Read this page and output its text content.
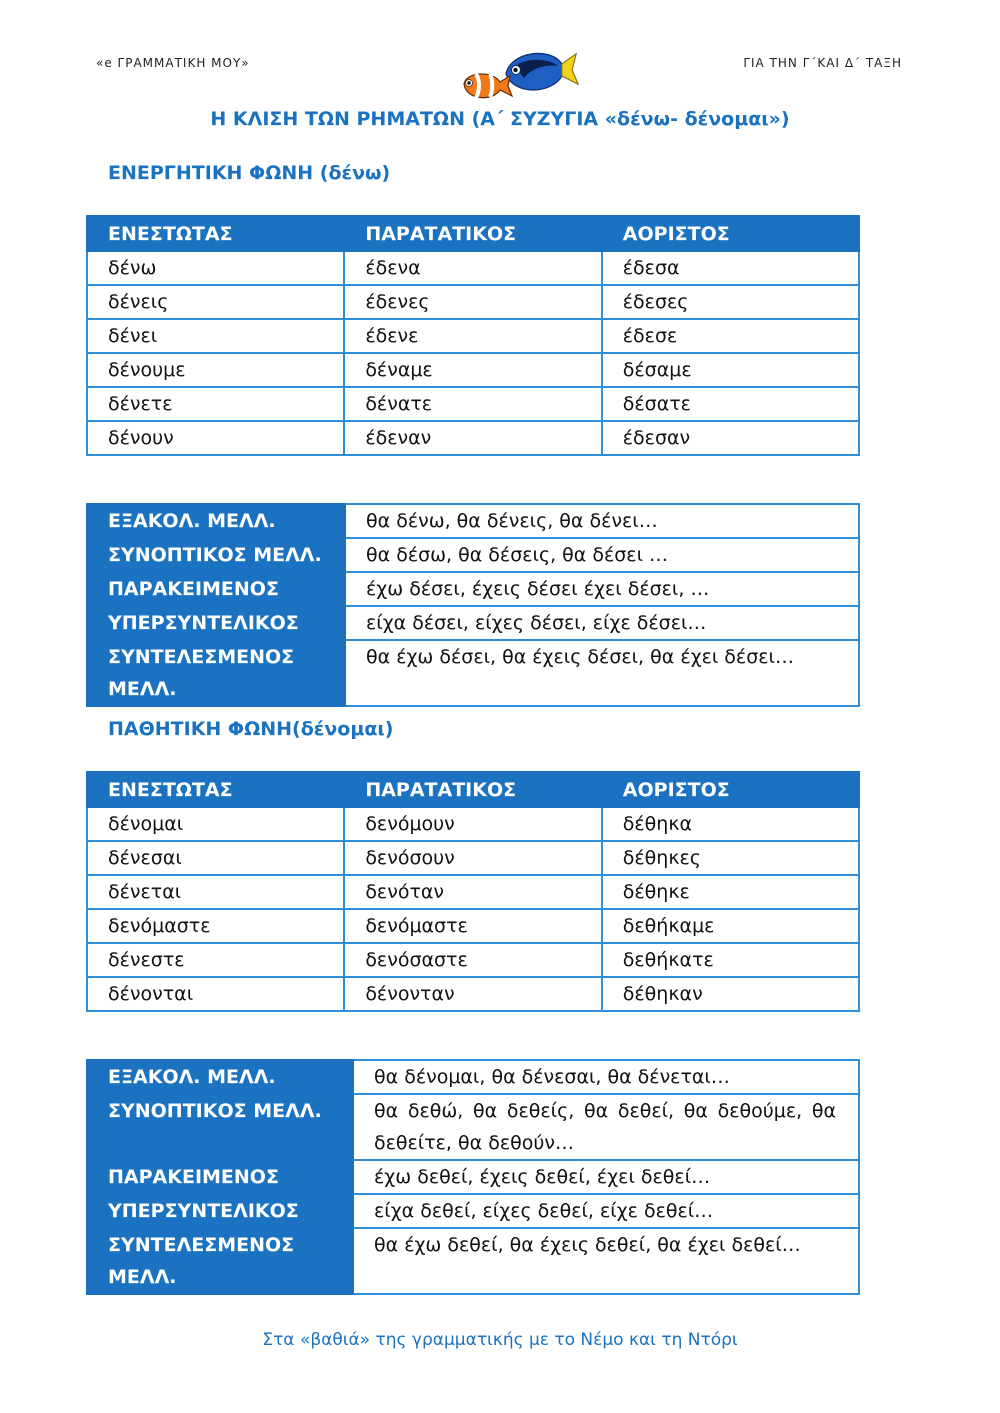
«e ΓΡΑΜΜΑΤΙΚΗ ΜΟΥ»	ΓΙΑ ΤΗΝ Γ΄ΚΑΙ Δ΄ ΤΑΞΗ
Η ΚΛΙΣΗ ΤΩΝ ΡΗΜΑΤΩΝ (Α΄ ΣΥΖΥΓΙΑ «δένω- δένομαι»)
ΕΝΕΡΓΗΤΙΚΗ ΦΩΝΗ (δένω)
ΕΝΕΣΤΩΤΑΣ	ΠΑΡΑΤΑΤΙΚΟΣ	ΑΟΡΙΣΤΟΣ
δένω	έδενα	έδεσα
δένεις	έδενες	έδεσες
δένει	έδενε	έδεσε
δένουμε	δέναμε	δέσαμε
δένετε	δένατε	δέσατε
δένουν	έδεναν	έδεσαν
ΕΞΑΚΟΛ. ΜΕΛΛ.	θα δένω, θα δένεις, θα δένει…
ΣΥΝΟΠΤΙΚΟΣ ΜΕΛΛ.	θα δέσω, θα δέσεις, θα δέσει …
ΠΑΡΑΚΕΙΜΕΝΟΣ	έχω δέσει, έχεις δέσει έχει δέσει, …
ΥΠΕΡΣΥΝΤΕΛΙΚΟΣ	είχα δέσει, είχες δέσει, είχε δέσει…
ΣΥΝΤΕΛΕΣΜΕΝΟΣ ΜΕΛΛ.	θα έχω δέσει, θα έχεις δέσει, θα έχει δέσει…
ΠΑΘΗΤΙΚΗ ΦΩΝΗ(δένομαι)
ΕΝΕΣΤΩΤΑΣ	ΠΑΡΑΤΑΤΙΚΟΣ	ΑΟΡΙΣΤΟΣ
δένομαι	δενόμουν	δέθηκα
δένεσαι	δενόσουν	δέθηκες
δένεται	δενόταν	δέθηκε
δενόμαστε	δενόμαστε	δεθήκαμε
δένεστε	δενόσαστε	δεθήκατε
δένονται	δένονταν	δέθηκαν
ΕΞΑΚΟΛ. ΜΕΛΛ.	θα δένομαι, θα δένεσαι, θα δένεται…
ΣΥΝΟΠΤΙΚΟΣ ΜΕΛΛ.	θα δεθώ, θα δεθείς, θα δεθεί, θα δεθούμε, θα δεθείτε, θα δεθούν…
ΠΑΡΑΚΕΙΜΕΝΟΣ	έχω δεθεί, έχεις δεθεί, έχει δεθεί…
ΥΠΕΡΣΥΝΤΕΛΙΚΟΣ	είχα δεθεί, είχες δεθεί, είχε δεθεί…
ΣΥΝΤΕΛΕΣΜΕΝΟΣ ΜΕΛΛ.	θα έχω δεθεί, θα έχεις δεθεί, θα έχει δεθεί…
Στα «βαθιά» της γραμματικής με το Νέμο και τη Ντόρι
